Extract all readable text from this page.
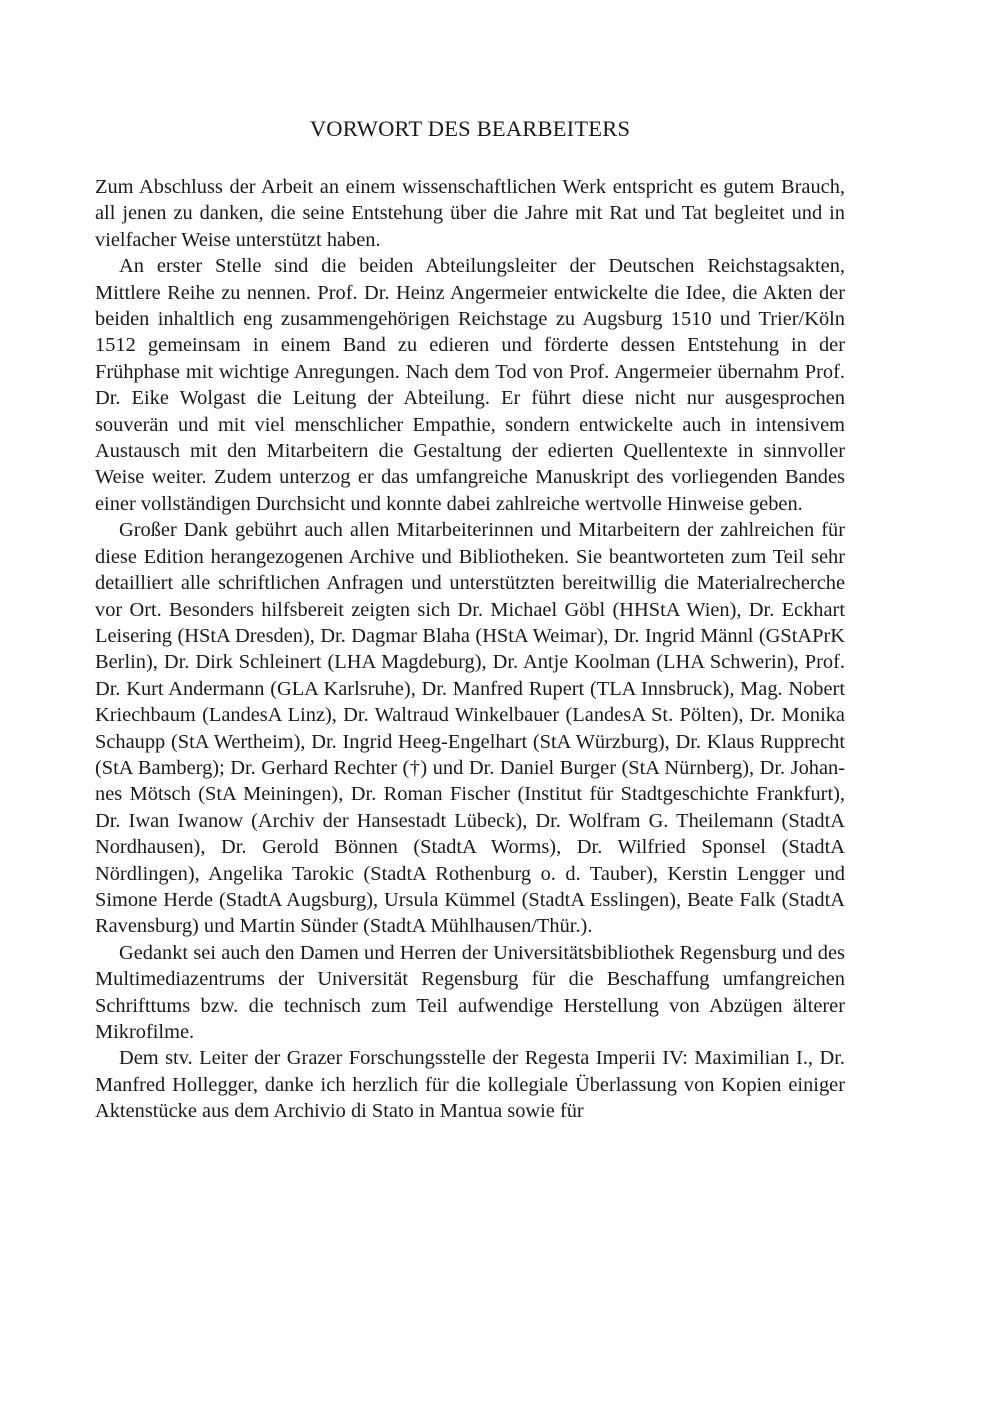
VORWORT DES BEARBEITERS

Zum Abschluss der Arbeit an einem wissenschaftlichen Werk entspricht es gutem Brauch, all jenen zu danken, die seine Entstehung über die Jahre mit Rat und Tat begleitet und in vielfacher Weise unterstützt haben.

An erster Stelle sind die beiden Abteilungsleiter der Deutschen Reichstagsakten, Mittlere Reihe zu nennen. Prof. Dr. Heinz Angermeier entwickelte die Idee, die Akten der beiden inhaltlich eng zusammengehörigen Reichstage zu Augsburg 1510 und Trier/Köln 1512 gemeinsam in einem Band zu edieren und förderte dessen Entstehung in der Frühphase mit wichtige Anregungen. Nach dem Tod von Prof. Angermeier übernahm Prof. Dr. Eike Wolgast die Leitung der Abteilung. Er führt diese nicht nur ausgesprochen souverän und mit viel menschlicher Empathie, sondern entwickelte auch in intensivem Austausch mit den Mitarbeitern die Gestaltung der edierten Quellentexte in sinnvoller Weise weiter. Zudem unterzog er das umfangreiche Manuskript des vorliegenden Bandes einer vollständigen Durchsicht und konnte dabei zahlreiche wertvolle Hinweise geben.

Großer Dank gebührt auch allen Mitarbeiterinnen und Mitarbeitern der zahlreichen für diese Edition herangezogenen Archive und Bibliotheken. Sie beantworteten zum Teil sehr detailliert alle schriftlichen Anfragen und unterstützten bereitwillig die Materialrecherche vor Ort. Besonders hilfsbereit zeigten sich Dr. Michael Göbl (HHStA Wien), Dr. Eckhart Leisering (HStA Dresden), Dr. Dagmar Blaha (HStA Weimar), Dr. Ingrid Männl (GStAPrK Berlin), Dr. Dirk Schleinert (LHA Magdeburg), Dr. Antje Koolman (LHA Schwerin), Prof. Dr. Kurt Andermann (GLA Karlsruhe), Dr. Manfred Rupert (TLA Innsbruck), Mag. Nobert Kriechbaum (LandesA Linz), Dr. Waltraud Winkelbauer (LandesA St. Pölten), Dr. Monika Schaupp (StA Wertheim), Dr. Ingrid Heeg-Engelhart (StA Würzburg), Dr. Klaus Rupprecht (StA Bamberg); Dr. Gerhard Rechter (†) und Dr. Daniel Burger (StA Nürnberg), Dr. Johannes Mötsch (StA Meiningen), Dr. Roman Fischer (Institut für Stadtgeschichte Frankfurt), Dr. Iwan Iwanow (Archiv der Hansestadt Lübeck), Dr. Wolfram G. Theilemann (StadtA Nordhausen), Dr. Gerold Bönnen (StadtA Worms), Dr. Wilfried Sponsel (StadtA Nördlingen), Angelika Tarokic (StadtA Rothenburg o. d. Tauber), Kerstin Lengger und Simone Herde (StadtA Augsburg), Ursula Kümmel (StadtA Esslingen), Beate Falk (StadtA Ravensburg) und Martin Sünder (StadtA Mühlhausen/Thür.).

Gedankt sei auch den Damen und Herren der Universitätsbibliothek Regensburg und des Multimediazentrums der Universität Regensburg für die Beschaffung umfangreichen Schrifttums bzw. die technisch zum Teil aufwendige Herstellung von Abzügen älterer Mikrofilme.

Dem stv. Leiter der Grazer Forschungsstelle der Regesta Imperii IV: Maximilian I., Dr. Manfred Hollegger, danke ich herzlich für die kollegiale Überlassung von Kopien einiger Aktenstücke aus dem Archivio di Stato in Mantua sowie für
